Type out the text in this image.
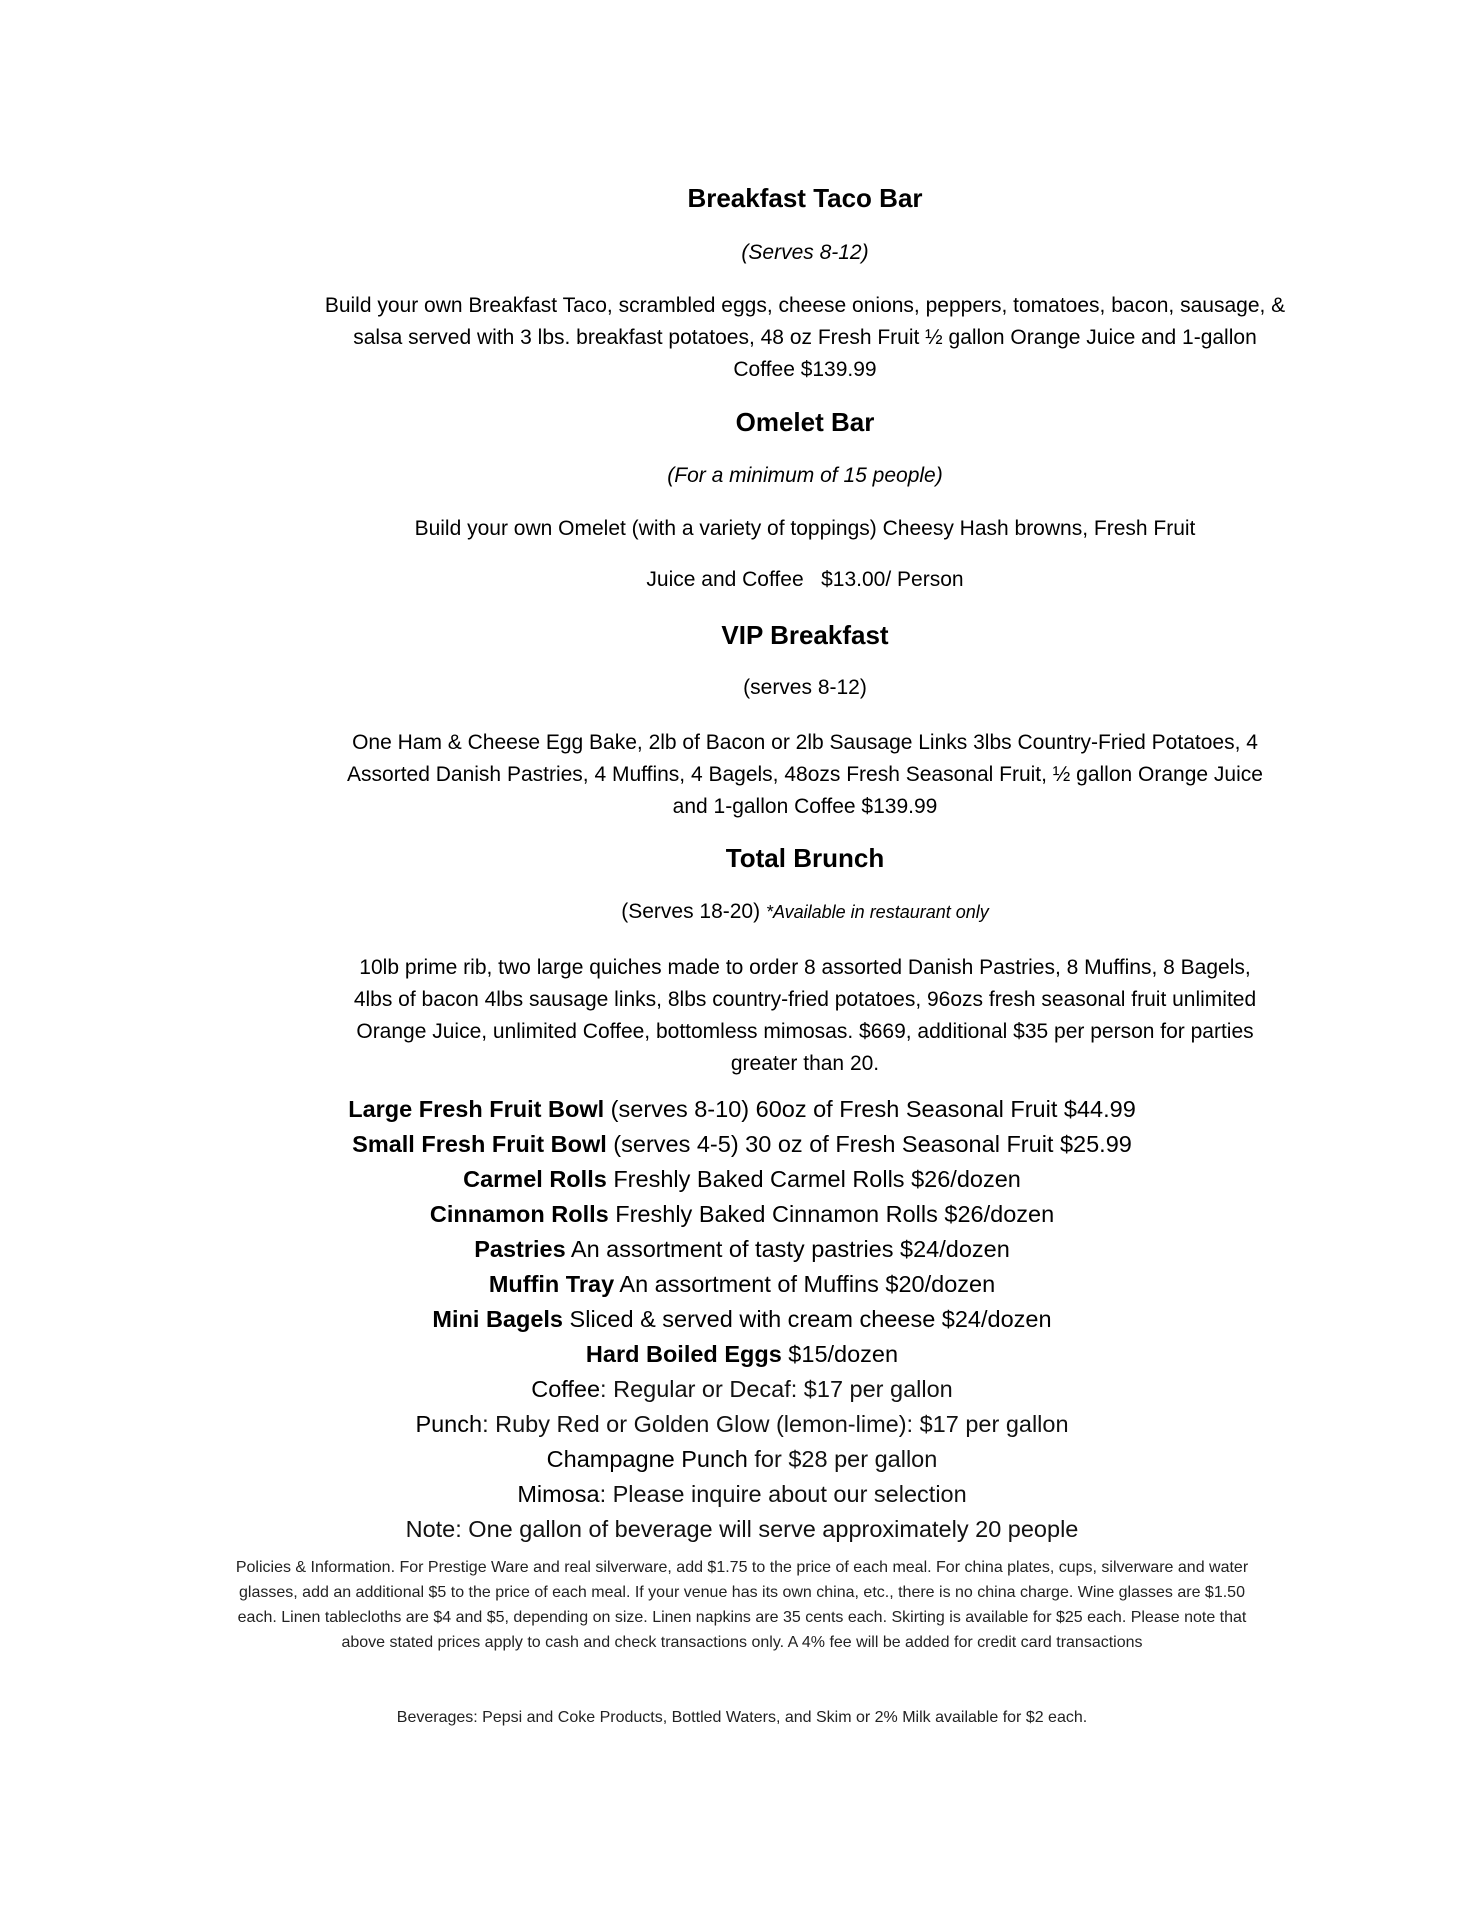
Breakfast Taco Bar

(Serves 8-12)

Build your own Breakfast Taco, scrambled eggs, cheese onions, peppers, tomatoes, bacon, sausage, &

salsa served with 3 lbs. breakfast potatoes, 48 oz Fresh Fruit ½ gallon Orange Juice and 1-gallon

Coffee $139.99

Omelet Bar

(For a minimum of 15 people)

Build your own Omelet (with a variety of toppings) Cheesy Hash browns, Fresh Fruit

Juice and Coffee   $13.00/ Person

VIP Breakfast

(serves 8-12)

One Ham & Cheese Egg Bake, 2lb of Bacon or 2lb Sausage Links 3lbs Country-Fried Potatoes, 4

Assorted Danish Pastries, 4 Muffins, 4 Bagels, 48ozs Fresh Seasonal Fruit, ½ gallon Orange Juice

and 1-gallon Coffee $139.99

Total Brunch

(Serves 18-20) *Available in restaurant only

10lb prime rib, two large quiches made to order 8 assorted Danish Pastries, 8 Muffins, 8 Bagels,

4lbs of bacon 4lbs sausage links, 8lbs country-fried potatoes, 96ozs fresh seasonal fruit unlimited

Orange Juice, unlimited Coffee, bottomless mimosas. $669, additional $35 per person for parties

greater than 20.

Large Fresh Fruit Bowl (serves 8-10) 60oz of Fresh Seasonal Fruit $44.99

Small Fresh Fruit Bowl (serves 4-5) 30 oz of Fresh Seasonal Fruit $25.99

Carmel Rolls Freshly Baked Carmel Rolls $26/dozen

Cinnamon Rolls Freshly Baked Cinnamon Rolls $26/dozen

Pastries An assortment of tasty pastries $24/dozen

Muffin Tray An assortment of Muffins $20/dozen

Mini Bagels Sliced & served with cream cheese $24/dozen

Hard Boiled Eggs $15/dozen

Coffee: Regular or Decaf: $17 per gallon

Punch: Ruby Red or Golden Glow (lemon-lime): $17 per gallon

Champagne Punch for $28 per gallon

Mimosa: Please inquire about our selection

Note: One gallon of beverage will serve approximately 20 people

Policies & Information. For Prestige Ware and real silverware, add $1.75 to the price of each meal. For china plates, cups, silverware and water

glasses, add an additional $5 to the price of each meal. If your venue has its own china, etc., there is no china charge. Wine glasses are $1.50

each. Linen tablecloths are $4 and $5, depending on size. Linen napkins are 35 cents each. Skirting is available for $25 each. Please note that

above stated prices apply to cash and check transactions only. A 4% fee will be added for credit card transactions

Beverages: Pepsi and Coke Products, Bottled Waters, and Skim or 2% Milk available for $2 each.
